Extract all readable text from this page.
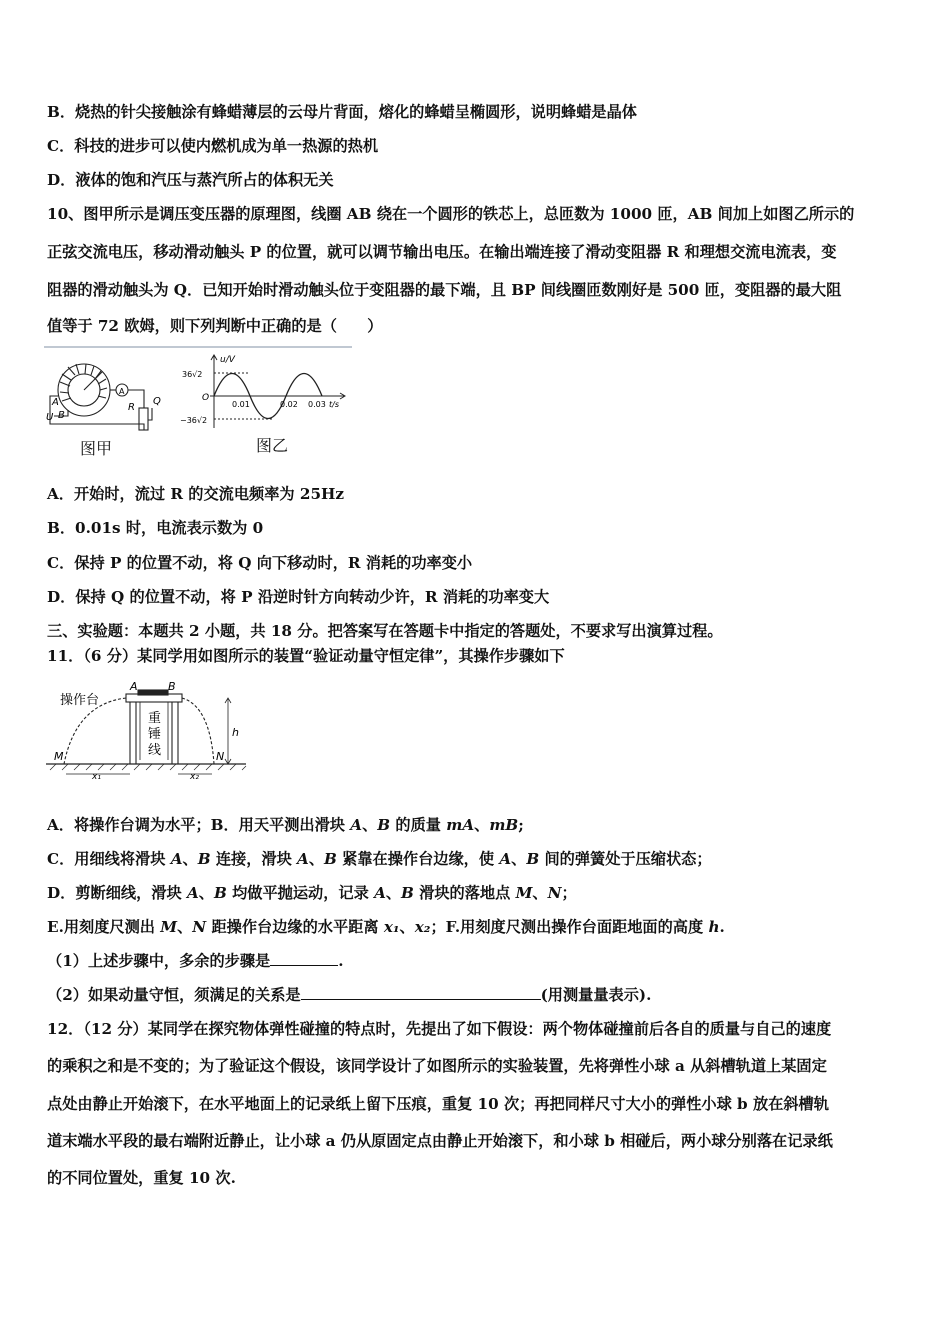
B．烧热的针尖接触涂有蜂蜡薄层的云母片背面，熔化的蜂蜡呈椭圆形，说明蜂蜡是晶体
C．科技的进步可以使内燃机成为单一热源的热机
D．液体的饱和汽压与蒸汽所占的体积无关
10、图甲所示是调压变压器的原理图，线圈 AB 绕在一个圆形的铁芯上，总匝数为 1000 匝，AB 间加上如图乙所示的
正弦交流电压，移动滑动触头 P 的位置，就可以调节输出电压。在输出端连接了滑动变阻器 R 和理想交流电流表，变
阻器的滑动触头为 Q．已知开始时滑动触头位于变阻器的最下端，且 BP 间线圈匝数刚好是 500 匝，变阻器的最大阻
值等于 72 欧姆，则下列判断中正确的是（　　）
A
A
U B
R
Q
图甲
u/V
36√2
O
−36√2
0.01	0.02 0.03 t/s
图乙
A．开始时，流过 R 的交流电频率为 25Hz
B．0.01s 时，电流表示数为 0
C．保持 P 的位置不动，将 Q 向下移动时，R 消耗的功率变小
D．保持 Q 的位置不动，将 P 沿逆时针方向转动少许，R 消耗的功率变大
三、实验题：本题共 2 小题，共 18 分。把答案写在答题卡中指定的答题处，不要求写出演算过程。
11．（6 分）某同学用如图所示的装置“验证动量守恒定律”，其操作步骤如下
操作台
A	B
重
锤
线
h
M	N
x₁	x₂
A．将操作台调为水平；B．用天平测出滑块 A、B 的质量 mA、mB;
C．用细线将滑块 A、B 连接，滑块 A、B 紧靠在操作台边缘，使 A、B 间的弹簧处于压缩状态；
D．剪断细线，滑块 A、B 均做平抛运动，记录 A、B 滑块的落地点 M、N；
E.用刻度尺测出 M、N 距操作台边缘的水平距离 x₁、x₂；F.用刻度尺测出操作台面距地面的高度 h.
（1）上述步骤中，多余的步骤是	.
（2）如果动量守恒，须满足的关系是	(用测量量表示).
12．（12 分）某同学在探究物体弹性碰撞的特点时，先提出了如下假设：两个物体碰撞前后各自的质量与自己的速度
的乘积之和是不变的；为了验证这个假设，该同学设计了如图所示的实验装置，先将弹性小球 a 从斜槽轨道上某固定
点处由静止开始滚下，在水平地面上的记录纸上留下压痕，重复 10 次；再把同样尺寸大小的弹性小球 b 放在斜槽轨
道末端水平段的最右端附近静止，让小球 a 仍从原固定点由静止开始滚下，和小球 b 相碰后，两小球分别落在记录纸
的不同位置处，重复 10 次.
